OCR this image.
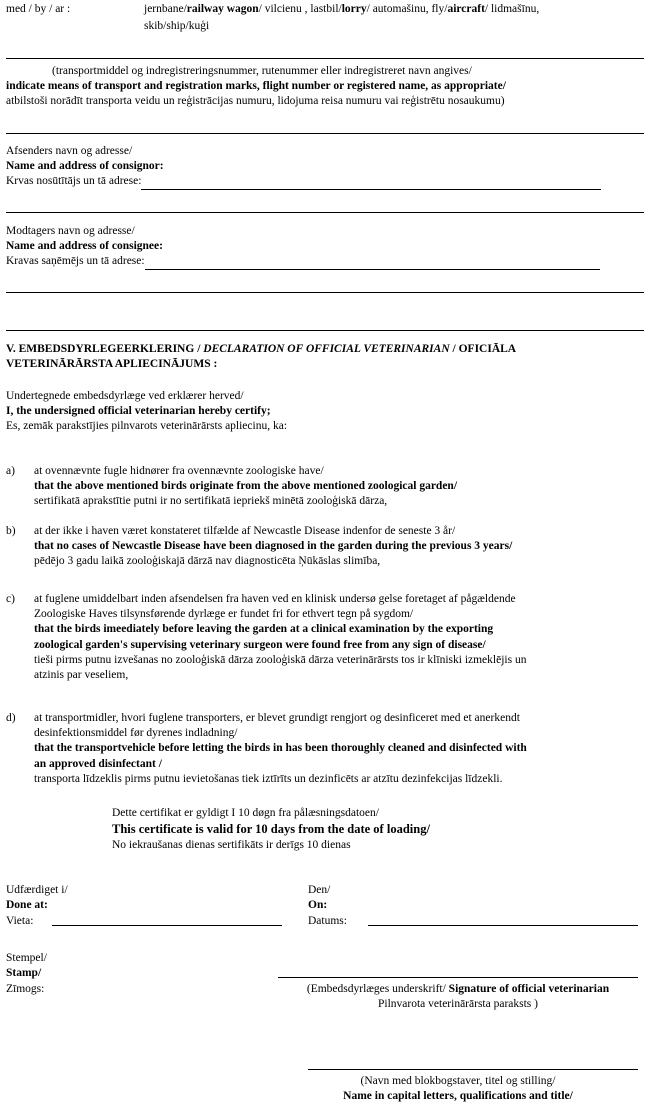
med / by / ar :	jernbane/railway wagon/ vilcienu , lastbil/lorry/ automašinu, fly/aircraft/ lidmašīnu,
skib/ship/kuģi
(transportmiddel og indregistreringsnummer, rutenummer eller indregistreret navn angives/
indicate means of transport and registration marks, flight number or registered name, as appropriate/
atbilstoši norādīt transporta veidu un reģistrācijas numuru, lidojuma reisa numuru vai reģistrētu nosaukumu)
Afsenders navn og adresse/
Name and address of consignor:
Krvas nosūtītājs un tā adrese:
Modtagers navn og adresse/
Name and address of consignee:
Kravas saņēmējs un tā adrese:
V. EMBEDSDYRLEGEERKLERING / DECLARATION OF OFFICIAL VETERINARIAN / OFICIĀLA
VETERINĀRĀRSTA APLIECINĀJUMS :
Undertegnede embedsdyrlæge ved erklærer herved/
I, the undersigned official veterinarian hereby certify;
Es, zemāk parakstījies pilnvarots veterinārārsts apliecinu, ka:
a)	at ovennævnte fugle hidnører fra ovennævnte zoologiske have/
that the above mentioned birds originate from the above mentioned zoological garden/
sertifikatā aprakstītie putni ir no sertifikatā iepriekš minētā zooloģiskā dārza,
b)	at der ikke i haven været konstateret tilfælde af Newcastle Disease indenfor de seneste 3 år/
that no cases of Newcastle Disease have been diagnosed in the garden during the previous 3 years/
pēdējo 3 gadu laikā zooloģiskajā dārzā nav diagnosticēta Ņūkāslas slimība,
c)	at fuglene umiddelbart inden afsendelsen fra haven ved en klinisk undersø gelse foretaget af pågældende
Zoologiske Haves tilsynsførende dyrlæge er fundet fri for ethvert tegn på sygdom/
that the birds imeediately before leaving the garden at a clinical examination by the exporting
zoological garden's supervising veterinary surgeon were found free from any sign of disease/
tieši pirms putnu izvešanas no zooloģiskā dārza zooloģiskā dārza veterinārārsts tos ir klīniski izmeklējis un
atzinis par veseliem,
d)	at transportmidler, hvori fuglene transporters, er blevet grundigt rengjort og desinficeret med et anerkendt
desinfektionsmiddel før dyrenes indladning/
that the transportvehicle before letting the birds in has been thoroughly cleaned and disinfected with
an approved disinfectant /
transporta līdzeklis pirms putnu ievietošanas tiek iztīrīts un dezinficēts ar atzītu dezinfekcijas līdzekli.
Dette certifikat er gyldigt I 10 døgn fra pålæsningsdatoen/
This certificate is valid for 10 days from the date of loading/
No iekraušanas dienas sertifikāts ir derīgs 10 dienas
Udfærdiget i/
Done at:
Vieta:
Den/
On:
Datums:
Stempel/
Stamp/
Zīmogs:	(Embedsdyrlæges underskrift/ Signature of official veterinarian
Pilnvarota veterinārārsta paraksts )
(Navn med blokbogstaver, titel og stilling/
Name in capital letters, qualifications and title/
